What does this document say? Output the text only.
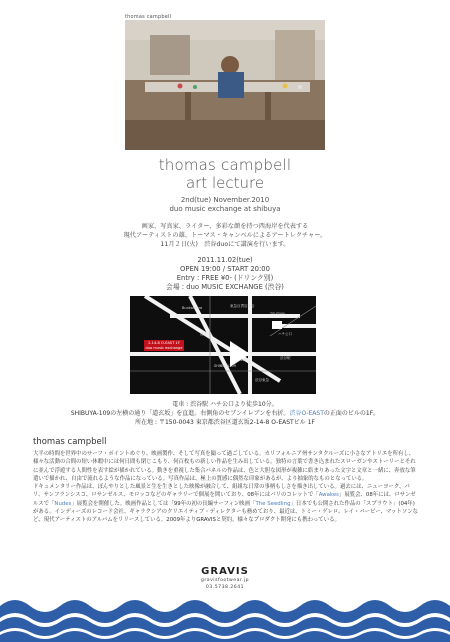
thomas campbell
thomas campbell
art lecture
2nd(tue) November.2010
duo music exchange at shibuya
画家、写真家、ライター、多彩な顔を持つ西海岸を代表する
現代アーティストの雄、トーマス・キャンベルによるアートレクチャー。
11月２日(火)　渋谷duoにて講演を行います。
2011.11.02(tue)
OPEN 19:00 / START 20:00
Entry : FREE ¥0- (ドリンク別)
会場 : duo MUSIC EXCHANGE (渋谷)
Bunkamura
渋谷駅
道玄坂
109
東急百貨店本店
TSUTAYA
ハチ公口
渋谷東急
SHIBUYA109
2-14-8 O-EAST 1F
duo music exchange
電車 : 渋谷駅 ハチ公口より徒歩10分。
SHIBUYA-109の左横の通り「道玄坂」を直進。右側角のセブンイレブンを右折。渋谷O-EASTの正面のビルの1F。
所在地 : 〒150-0043 東京都渋谷区道玄坂2-14-8 O-EASTビル 1F
thomas campbell

大半の時間を世界中のサーフ・ポイントめぐり、映画製作、そして写真を撮って過ごしている。カリフォルニア州サンタクルーズに小さなアトリエを所有し、様々な活動の合間の短い休暇中には何日間も閉じこもり、何百枚もの新しい作品を生み出している。独特の言葉で書き込まれたスローガンやストーリーとそれに並んで浮遊する人間性を表す絵が描かれている。動きを重視した集合パネルの作品は、色と大胆な図形が複雑に絡まりあった文字と文章と一緒に、奔放な筆遣いで描かれ、自由で流れるような作品になっている。写真作品は、極上の質感に偶然な印象があるが、より抽象的なものとなっている。

ドキュメンタリー作品は、ぼんやりとした風景と生を生きとした映像が融合して、組組な日常の事柄もしさを描き出している。過去には、ニューヨーク、パリ、サンフランシスコ、ロサンゼルス、モロッコなどのギャラリーで個展を開いており、08年にはパリのコレットで「Awakes」展覧会、08年には、ロサンゼルスで「Nudes」展覧会を開催した。映画作品としては「99年の初の長編サーフィン映画「The Seedling」日本でも公開された作品の「スプラウト」(04年)がある。インディーズのレコード会社、ギャラクシアのクリエイティブ・ディレクターも務めており、最近は、トミー・ゲレロ、レイ・バービー、マットソンなど、現代アーティストのアルバムをリリースしている。2009年よりGRAVISと契約。様々なプロダクト開発にも携わっている。

GRAVIS
gravisfootwear.jp
03.5738.2641
